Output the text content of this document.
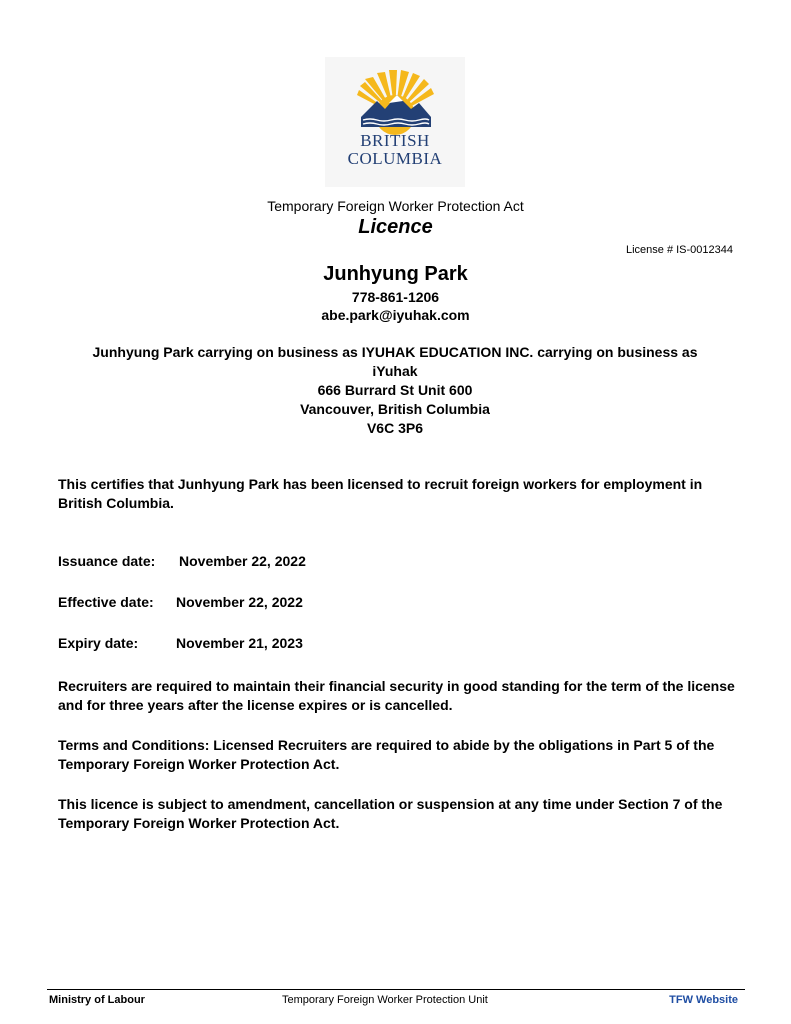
BRITISH
COLUMBIA
Temporary Foreign Worker Protection Act
Licence
License # IS-0012344
Junhyung Park
778-861-1206
abe.park@iyuhak.com
Junhyung Park carrying on business as IYUHAK EDUCATION INC. carrying on business as
iYuhak
666 Burrard St Unit 600
Vancouver, British Columbia
V6C 3P6
This certifies that Junhyung Park has been licensed to recruit foreign workers for employment in British Columbia.
Issuance date: November 22, 2022
Effective date: November 22, 2022
Expiry date:	November 21, 2023
Recruiters are required to maintain their financial security in good standing for the term of the license and for three years after the license expires or is cancelled.
Terms and Conditions: Licensed Recruiters are required to abide by the obligations in Part 5 of the Temporary Foreign Worker Protection Act.
This licence is subject to amendment, cancellation or suspension at any time under Section 7 of the Temporary Foreign Worker Protection Act.
Ministry of Labour	Temporary Foreign Worker Protection Unit	TFW Website
